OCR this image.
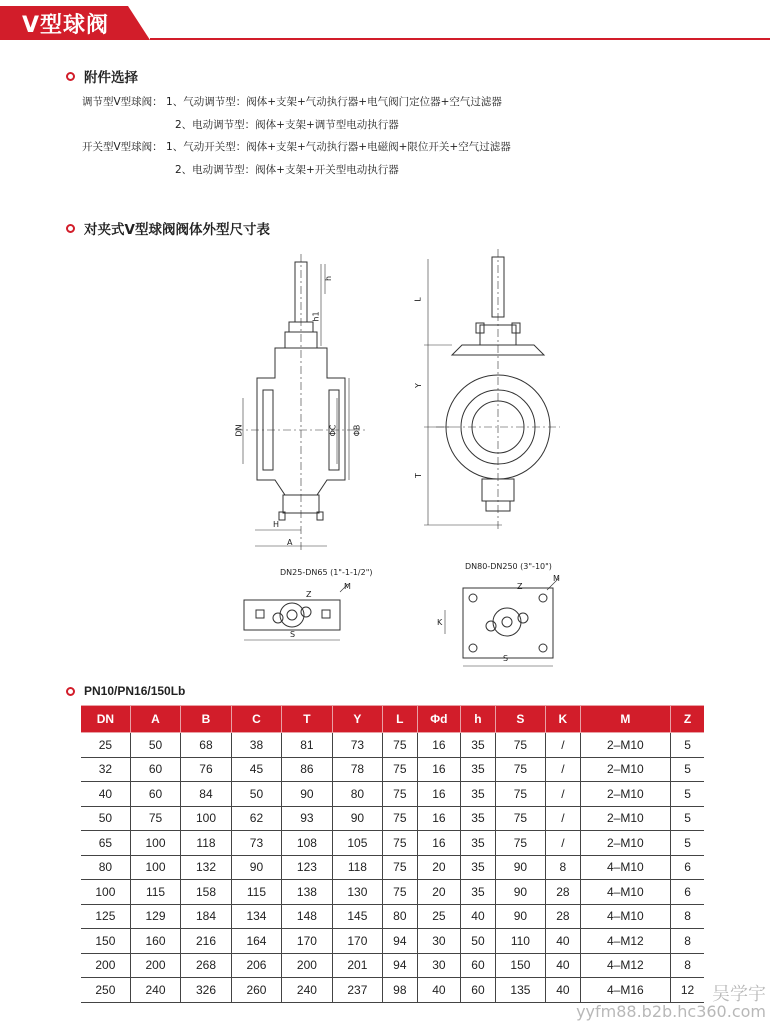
V型球阀
附件选择
调节型V型球阀： 1、气动调节型：阀体+支架+气动执行器+电气阀门定位器+空气过滤器
2、电动调节型：阀体+支架+调节型电动执行器
开关型V型球阀： 1、气动开关型：阀体+支架+气动执行器+电磁阀+限位开关+空气过滤器
2、电动调节型：阀体+支架+开关型电动执行器
对夹式V型球阀阀体外型尺寸表
h
h1
DN	ΦC ΦB
H
A
L
Y
T
DN25-DN65 (1"-1-1/2")
S
Z
M
DN80-DN250 (3"-10")
S
K
Z
M
PN10/PN16/150Lb
DN	A	B	C	T	Y	L	Φd	h	S	K	M	Z
25	50	68	38	81	73	75	16	35	75	/	2–M10	5
32	60	76	45	86	78	75	16	35	75	/	2–M10	5
40	60	84	50	90	80	75	16	35	75	/	2–M10	5
50	75	100	62	93	90	75	16	35	75	/	2–M10	5
65	100	118	73	108	105	75	16	35	75	/	2–M10	5
80	100	132	90	123	118	75	20	35	90	8	4–M10	6
100	115	158	115	138	130	75	20	35	90	28	4–M10	6
125	129	184	134	148	145	80	25	40	90	28	4–M10	8
150	160	216	164	170	170	94	30	50	110	40	4–M12	8
200	200	268	206	200	201	94	30	60	150	40	4–M12	8
250	240	326	260	240	237	98	40	60	135	40	4–M16	12 吴学宇
yyfm88.b2b.hc360.com
